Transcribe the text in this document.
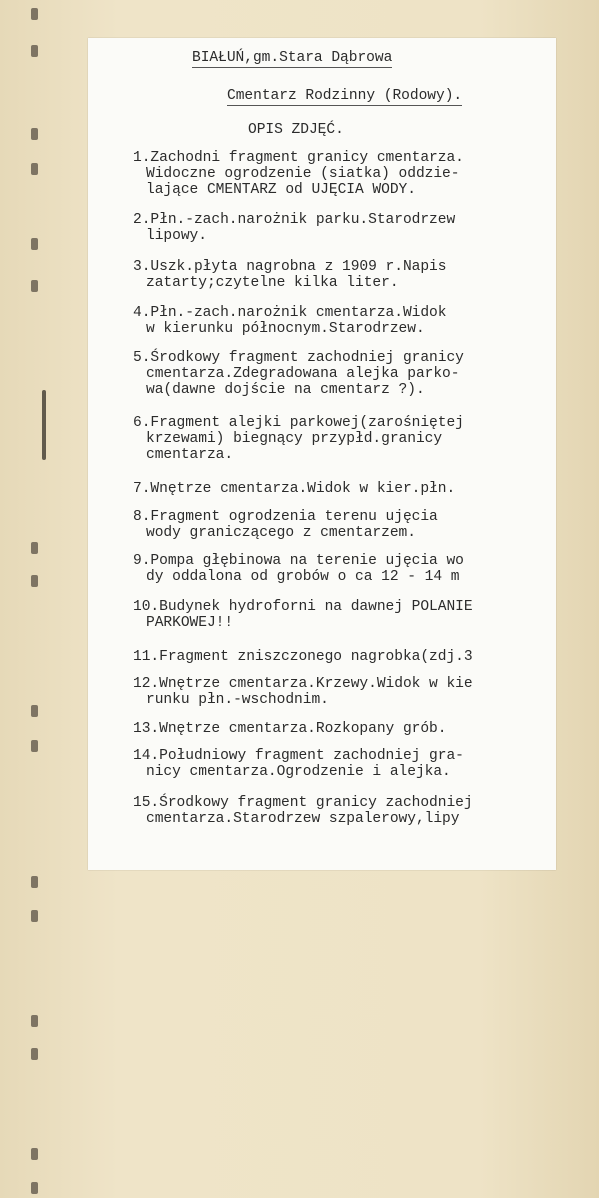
BIAŁUŃ,gm.Stara Dąbrowa
Cmentarz Rodzinny (Rodowy).
OPIS ZDJĘĆ.
1.Zachodni fragment granicy cmentarza.
Widoczne ogrodzenie (siatka) oddzie-
lające CMENTARZ od UJĘCIA WODY.
2.Płn.-zach.narożnik parku.Starodrzew
lipowy.
3.Uszk.płyta nagrobna z 1909 r.Napis
zatarty;czytelne kilka liter.
4.Płn.-zach.narożnik cmentarza.Widok
w kierunku północnym.Starodrzew.
5.Środkowy fragment zachodniej granicy
cmentarza.Zdegradowana alejka parko-
wa(dawne dojście na cmentarz ?).
6.Fragment alejki parkowej(zarośniętej
krzewami) biegnący przypłd.granicy
cmentarza.
7.Wnętrze cmentarza.Widok w kier.płn.
8.Fragment ogrodzenia terenu ujęcia
wody graniczącego z cmentarzem.
9.Pompa głębinowa na terenie ujęcia wo
dy oddalona od grobów o ca 12 - 14 m
10.Budynek hydroforni na dawnej POLANIE
PARKOWEJ!!
11.Fragment zniszczonego nagrobka(zdj.3
12.Wnętrze cmentarza.Krzewy.Widok w kie
runku płn.-wschodnim.
13.Wnętrze cmentarza.Rozkopany grób.
14.Południowy fragment zachodniej gra-
nicy cmentarza.Ogrodzenie i alejka.
15.Środkowy fragment granicy zachodniej
cmentarza.Starodrzew szpalerowy,lipy
